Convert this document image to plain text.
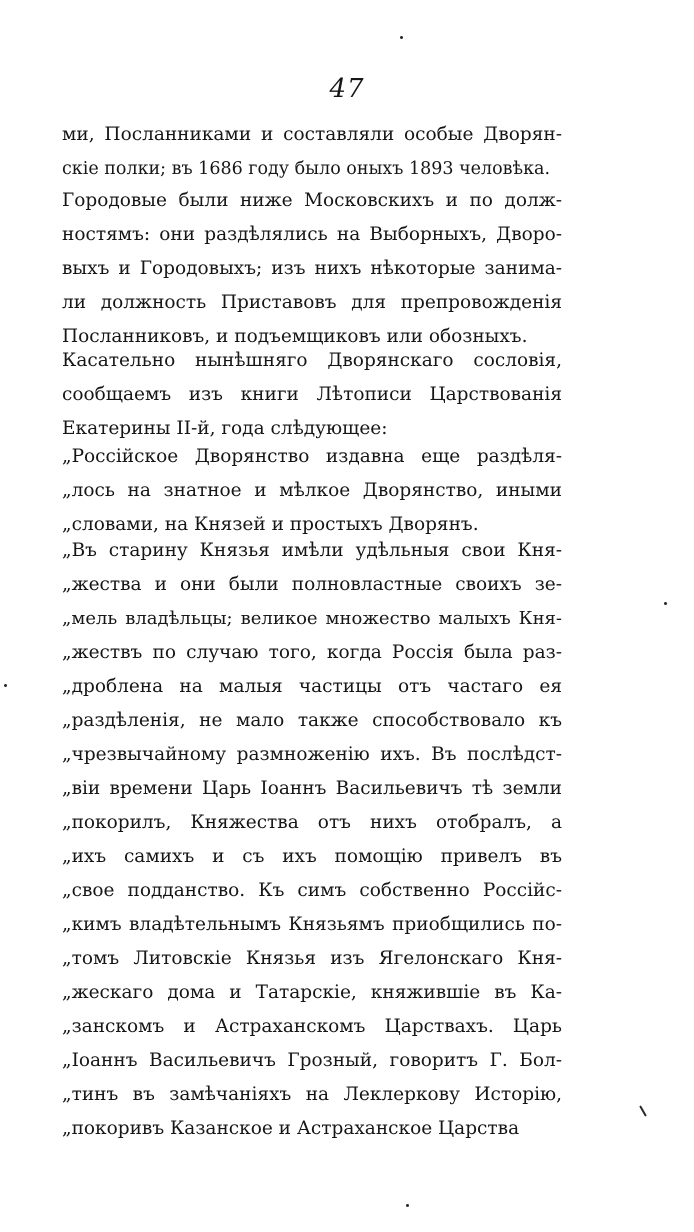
47
ми, Посланниками и составляли особые Дворян-
скіе полки; въ 1686 году было оныхъ 1893 человѣка.
Городовые были ниже Московскихъ и по долж-
ностямъ: они раздѣлялись на Выборныхъ, Дворо-
выхъ и Городовыхъ; изъ нихъ нѣкоторые занима-
ли должность Приставовъ для препровожденія
Посланниковъ, и подъемщиковъ или обозныхъ.
Касательно нынѣшняго Дворянскаго сословія,
сообщаемъ изъ книги Лѣтописи Царствованія
Екатерины II-й, года слѣдующее:
„Россійское Дворянство издавна еще раздѣля-
„лось на знатное и мѣлкое Дворянство, иными
„словами, на Князей и простыхъ Дворянъ.
„Въ старину Князья имѣли удѣльныя свои Кня-
„жества и они были полновластные своихъ зе-
„мель владѣльцы; великое множество малыхъ Кня-
„жествъ по случаю того, когда Россія была раз-
„дроблена на малыя частицы отъ частаго ея
„раздѣленія, не мало также способствовало къ
„чрезвычайному размноженію ихъ. Въ послѣдст-
„віи времени Царь Іоаннъ Васильевичъ тѣ земли
„покорилъ, Княжества отъ нихъ отобралъ, а
„ихъ самихъ и съ ихъ помощію привелъ въ
„свое подданство. Къ симъ собственно Россійс-
„кимъ владѣтельнымъ Князьямъ приобщились по-
„томъ Литовскіе Князья изъ Ягелонскаго Кня-
„жескаго дома и Татарскіе, княжившіе въ Ка-
„занскомъ и Астраханскомъ Царствахъ. Царь
„Іоаннъ Васильевичъ Грозный, говоритъ Г. Бол-
„тинъ въ замѣчаніяхъ на Леклеркову Исторію,
„покоривъ Казанское и Астраханское Царства
